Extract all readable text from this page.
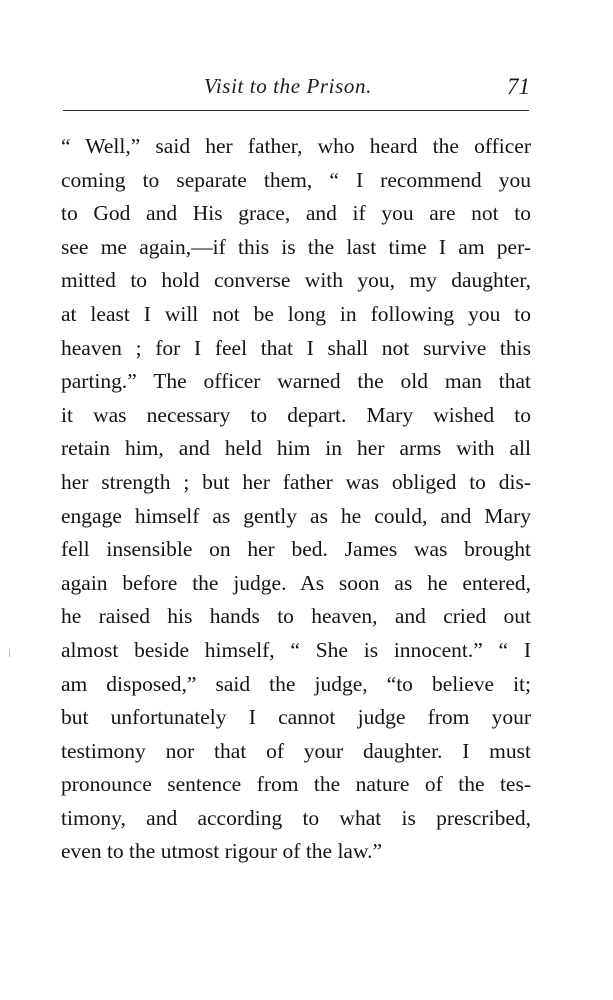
Visit to the Prison.	71
“ Well,” said her father, who heard the officer
coming to separate them, “ I recommend you
to God and His grace, and if you are not to
see me again,—if this is the last time I am per-
mitted to hold converse with you, my daughter,
at least I will not be long in following you to
heaven ; for I feel that I shall not survive this
parting.” The officer warned the old man that
it was necessary to depart. Mary wished to
retain him, and held him in her arms with all
her strength ; but her father was obliged to dis-
engage himself as gently as he could, and Mary
fell insensible on her bed. James was brought
again before the judge. As soon as he entered,
he raised his hands to heaven, and cried out
almost beside himself, “ She is innocent.” “ I
am disposed,” said the judge, “to believe it;
but unfortunately I cannot judge from your
testimony nor that of your daughter. I must
pronounce sentence from the nature of the tes-
timony, and according to what is prescribed,
even to the utmost rigour of the law.”
